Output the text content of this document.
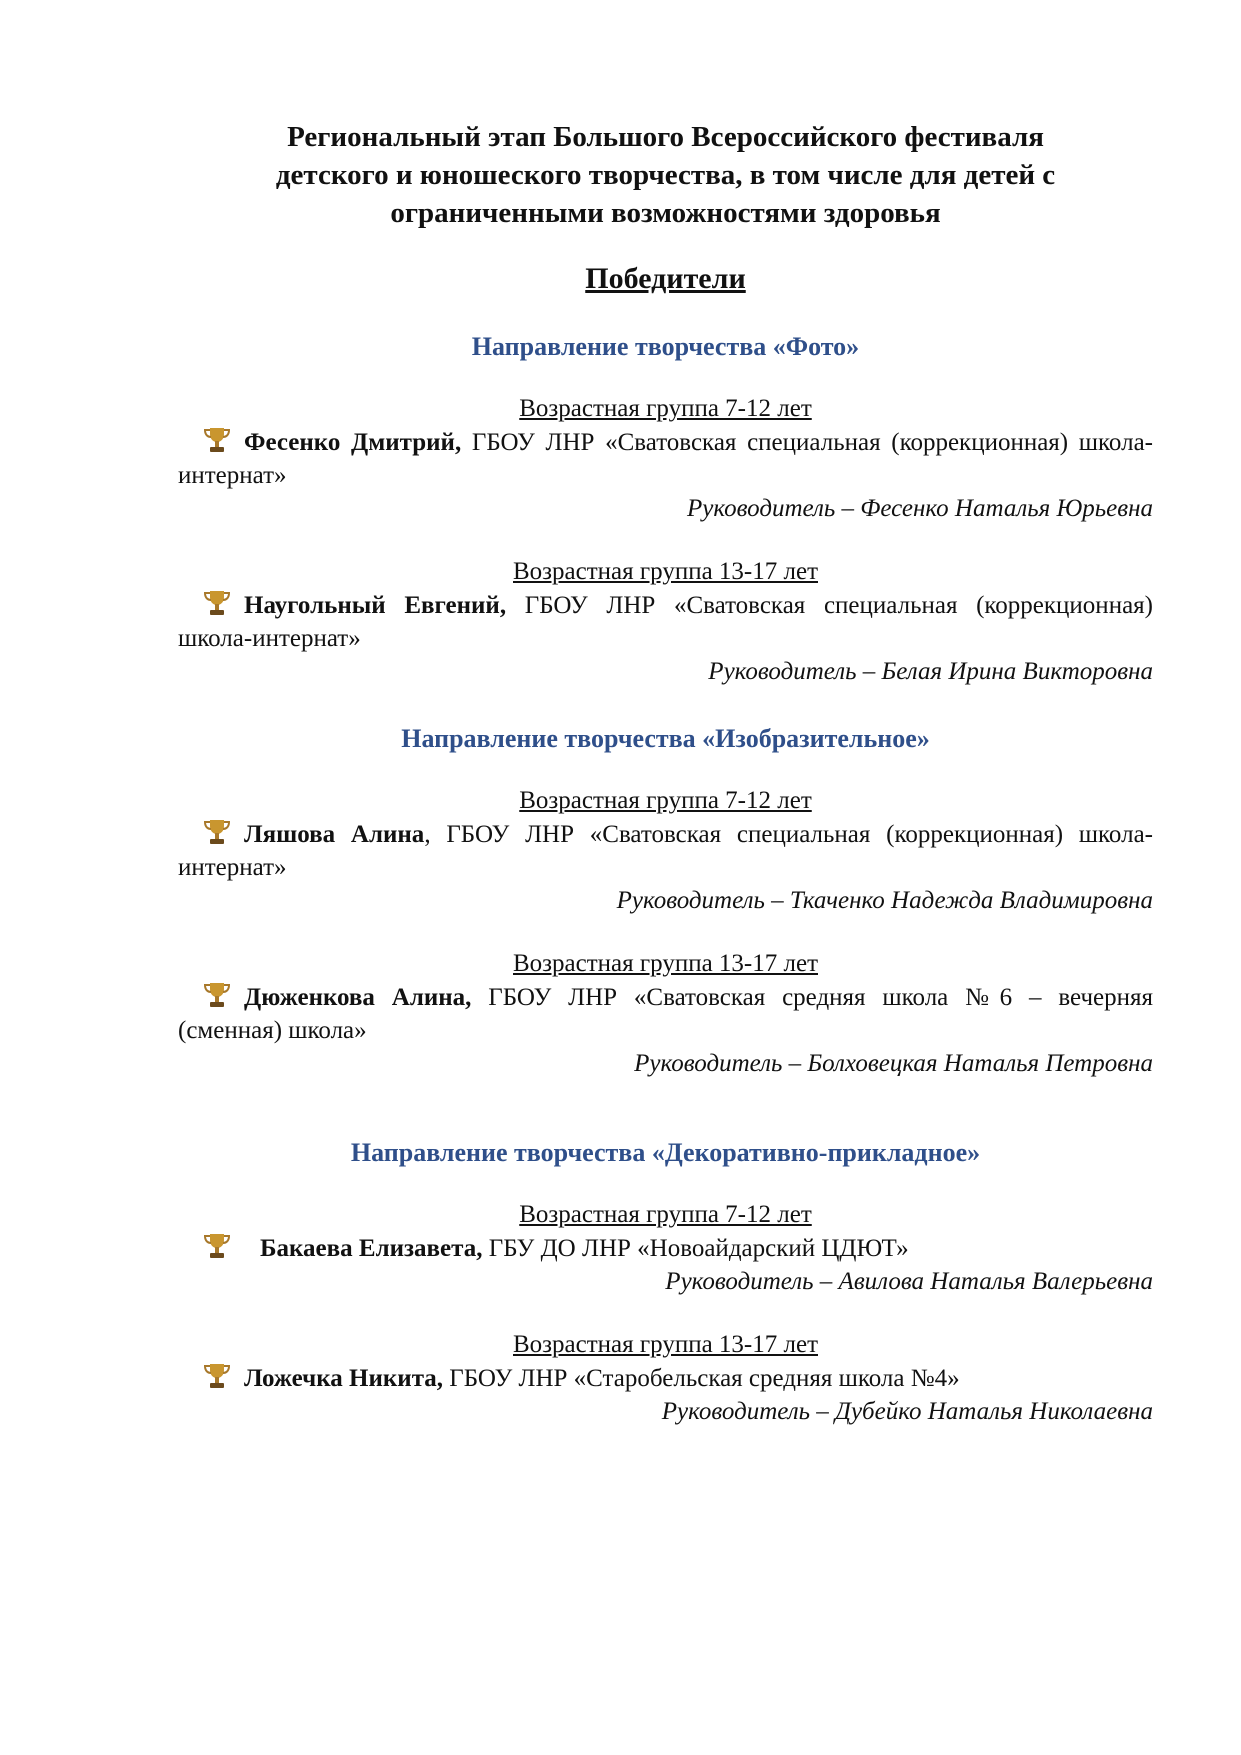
Региональный этап Большого Всероссийского фестиваля
детского и юношеского творчества, в том числе для детей с
ограниченными возможностями здоровья
Победители
Направление творчества «Фото»
Возрастная группа 7-12 лет
Фесенко Дмитрий, ГБОУ ЛНР «Сватовская специальная (коррекционная) школа-интернат»
Руководитель – Фесенко Наталья Юрьевна
Возрастная группа 13-17 лет
Наугольный Евгений, ГБОУ ЛНР «Сватовская специальная (коррекционная) школа-интернат»
Руководитель – Белая Ирина Викторовна
Направление творчества «Изобразительное»
Возрастная группа 7-12 лет
Ляшова Алина, ГБОУ ЛНР «Сватовская специальная (коррекционная) школа-интернат»
Руководитель – Ткаченко Надежда Владимировна
Возрастная группа 13-17 лет
Дюженкова Алина, ГБОУ ЛНР «Сватовская средняя школа №6 – вечерняя (сменная) школа»
Руководитель – Болховецкая Наталья Петровна
Направление творчества «Декоративно-прикладное»
Возрастная группа 7-12 лет
Бакаева Елизавета, ГБУ ДО ЛНР «Новоайдарский ЦДЮТ»
Руководитель – Авилова Наталья Валерьевна
Возрастная группа 13-17 лет
Ложечка Никита, ГБОУ ЛНР «Старобельская средняя школа №4»
Руководитель – Дубейко Наталья Николаевна
